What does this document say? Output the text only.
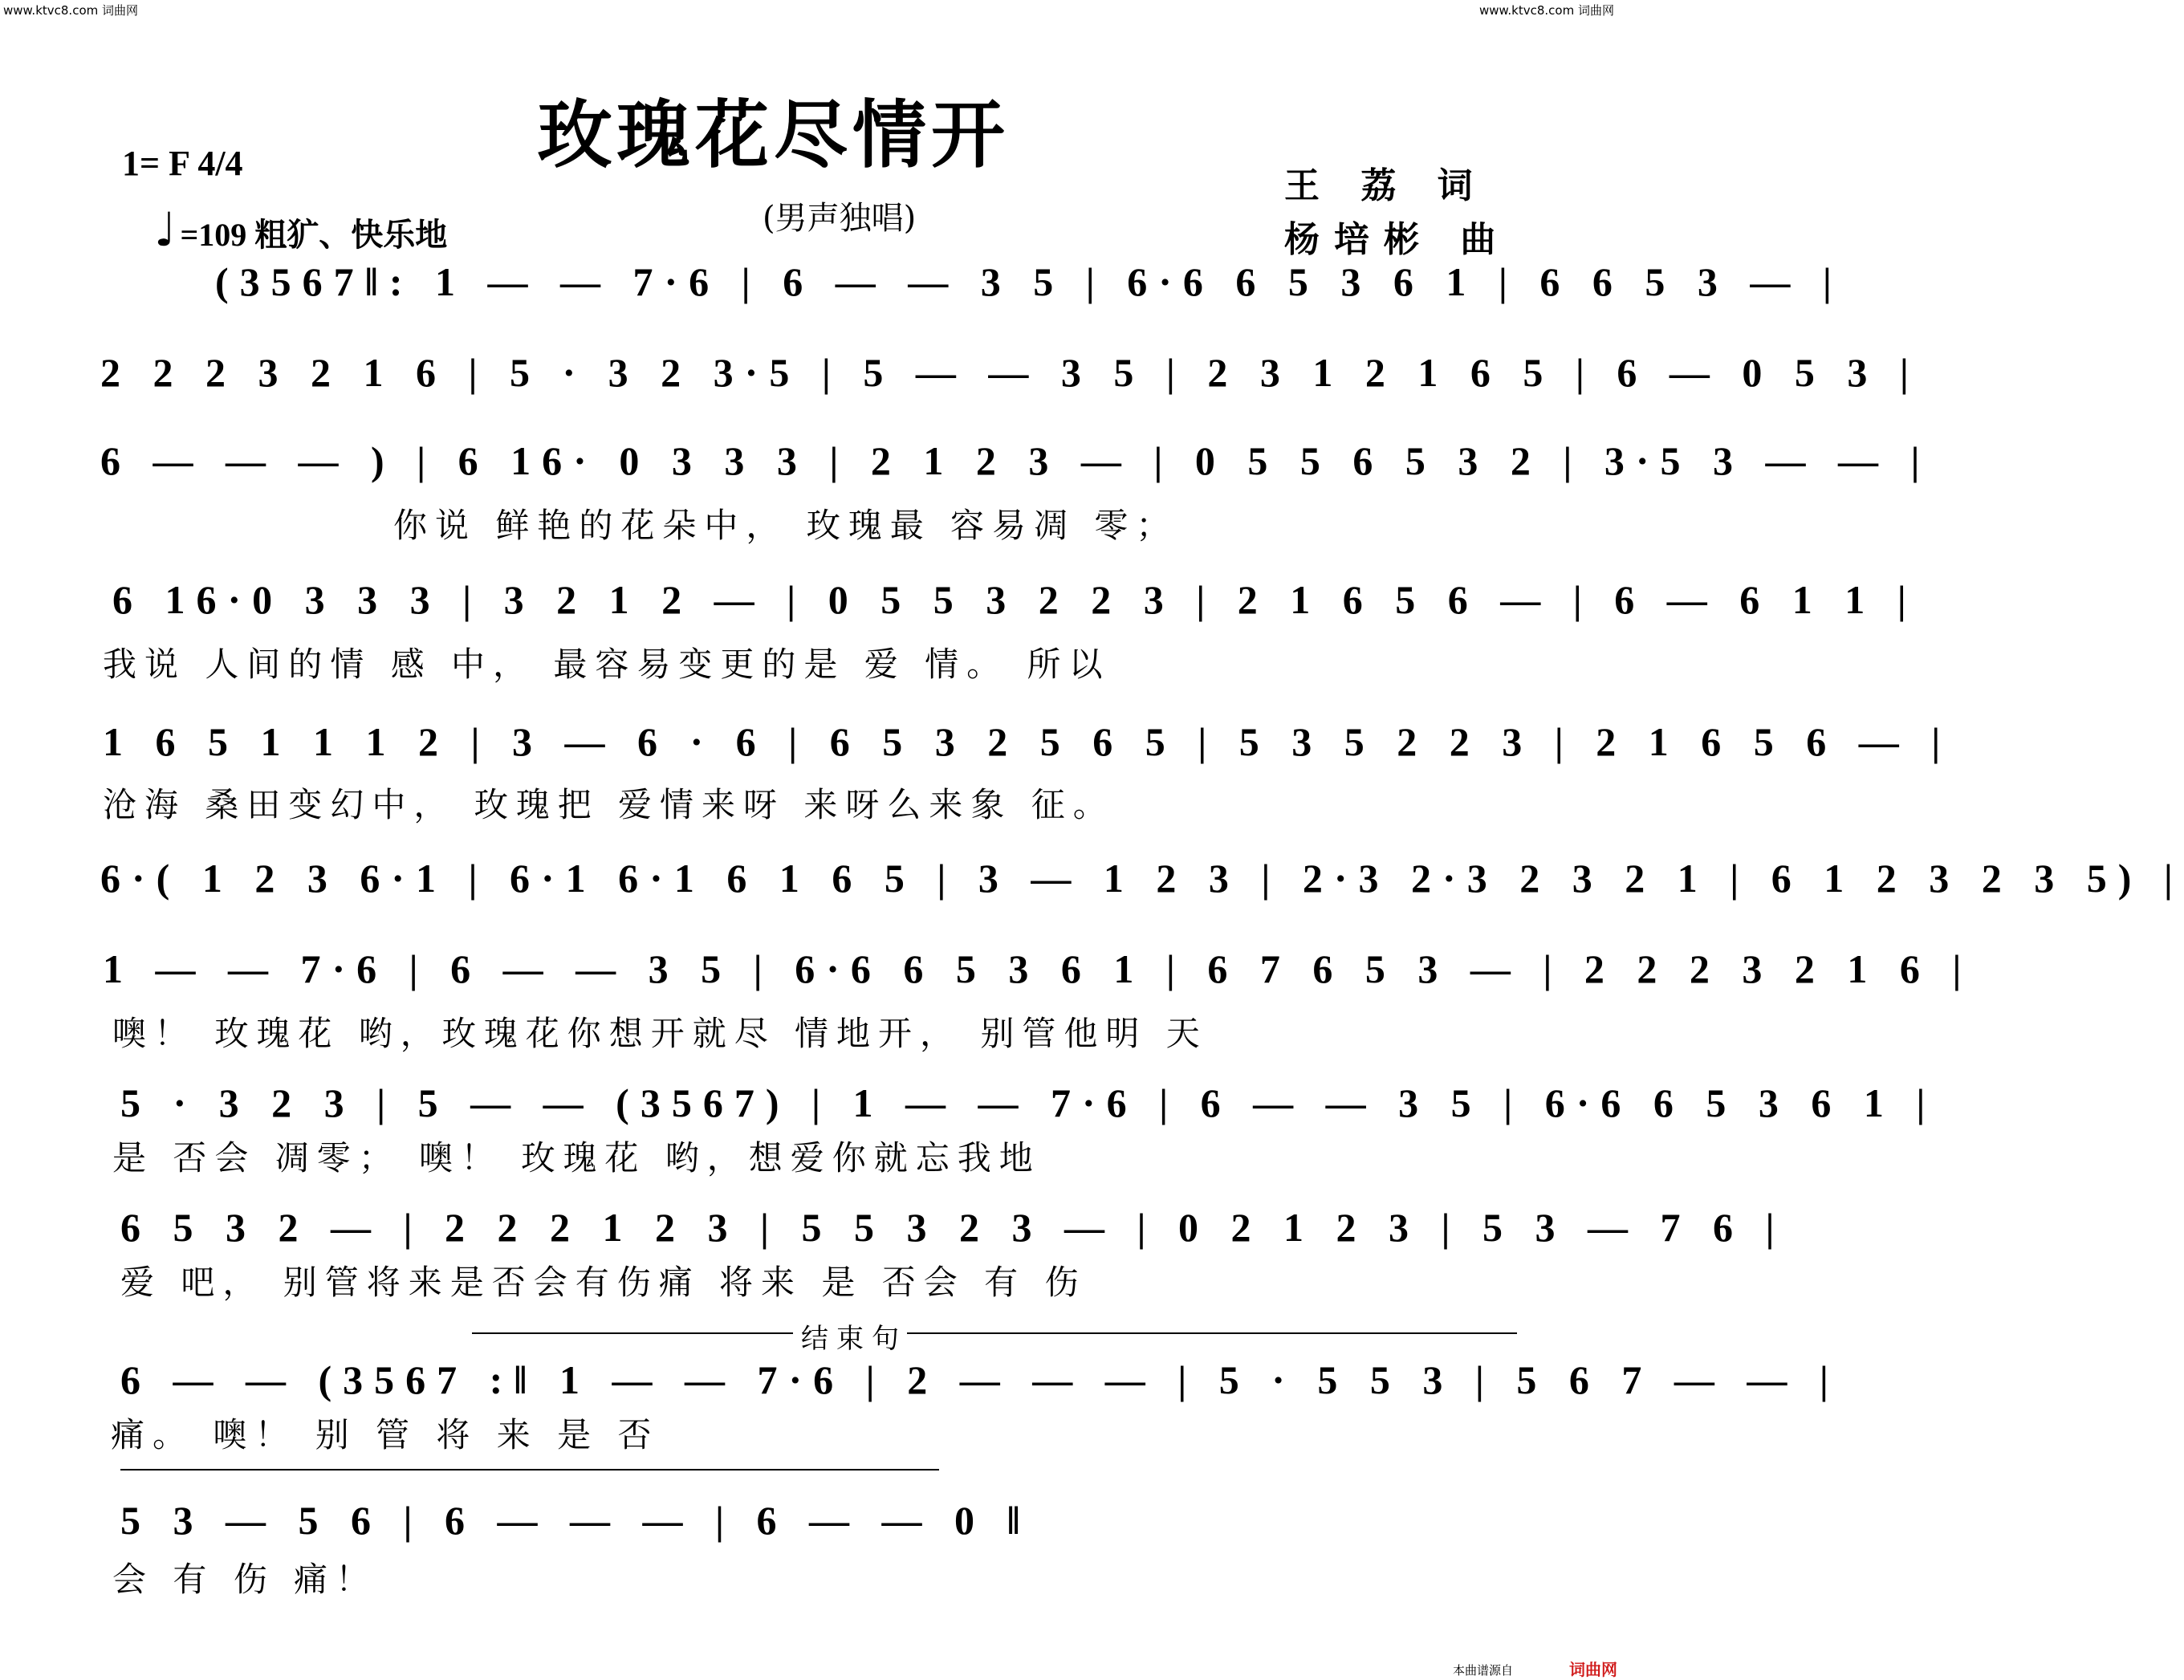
www.ktvc8.com 词曲网	www.ktvc8.com 词曲网
玫瑰花尽情开
(男声独唱)
1= F 4/4
♩ =109 粗犷、快乐地
王 荔 词
杨培彬 曲
(3567‖: 1 — — 7·6 | 6 — — 3 5 | 6·6 6 5 3 6 1 | 6 6 5 3 — |
2 2 2 3 2 1 6 | 5 · 3 2 3·5 | 5 — — 3 5 | 2 3 1 2 1 6 5 | 6 — 0 5 3 |
6 — — — ) | 6 16· 0 3 3 3 | 2 1 2 3 — | 0 5 5 6 5 3 2 | 3·5 3 — — |
你说 鲜艳的花朵中， 玫瑰最 容易凋 零；
6 16·0 3 3 3 | 3 2 1 2 — | 0 5 5 3 2 2 3 | 2 1 6 5 6 — | 6 — 6 1 1 |
我说 人间的情 感 中， 最容易变更的是 爱 情。 所以
1 6 5 1 1 1 2 | 3 — 6 · 6 | 6 5 3 2 5 6 5 | 5 3 5 2 2 3 | 2 1 6 5 6 — |
沧海 桑田变幻中， 玫瑰把 爱情来呀 来呀么来象 征。
6·( 1 2 3 6·1 | 6·1 6·1 6 1 6 5 | 3 — 1 2 3 | 2·3 2·3 2 3 2 1 | 6 1 2 3 2 3 5) |
1 — — 7·6 | 6 — — 3 5 | 6·6 6 5 3 6 1 | 6 7 6 5 3 — | 2 2 2 3 2 1 6 |
噢！ 玫瑰花 哟，玫瑰花你想开就尽 情地开， 别管他明 天
5 · 3 2 3 | 5 — — (3567) | 1 — — 7·6 | 6 — — 3 5 | 6·6 6 5 3 6 1 |
是 否会 凋零； 噢！ 玫瑰花 哟，想爱你就忘我地
6 5 3 2 — | 2 2 2 1 2 3 | 5 5 3 2 3 — | 0 2 1 2 3 | 5 3 — 7 6 |
爱 吧， 别管将来是否会有伤痛 将来 是 否会 有 伤
结束句
6 — — (3567 :‖ 1 — — 7·6 | 2 — — — | 5 · 5 5 3 | 5 6 7 — — |
痛。 噢！ 别 管 将 来 是 否
5 3 — 5 6 | 6 — — — | 6 — — 0 ‖
会 有 伤 痛！
本曲谱源自	词曲网
